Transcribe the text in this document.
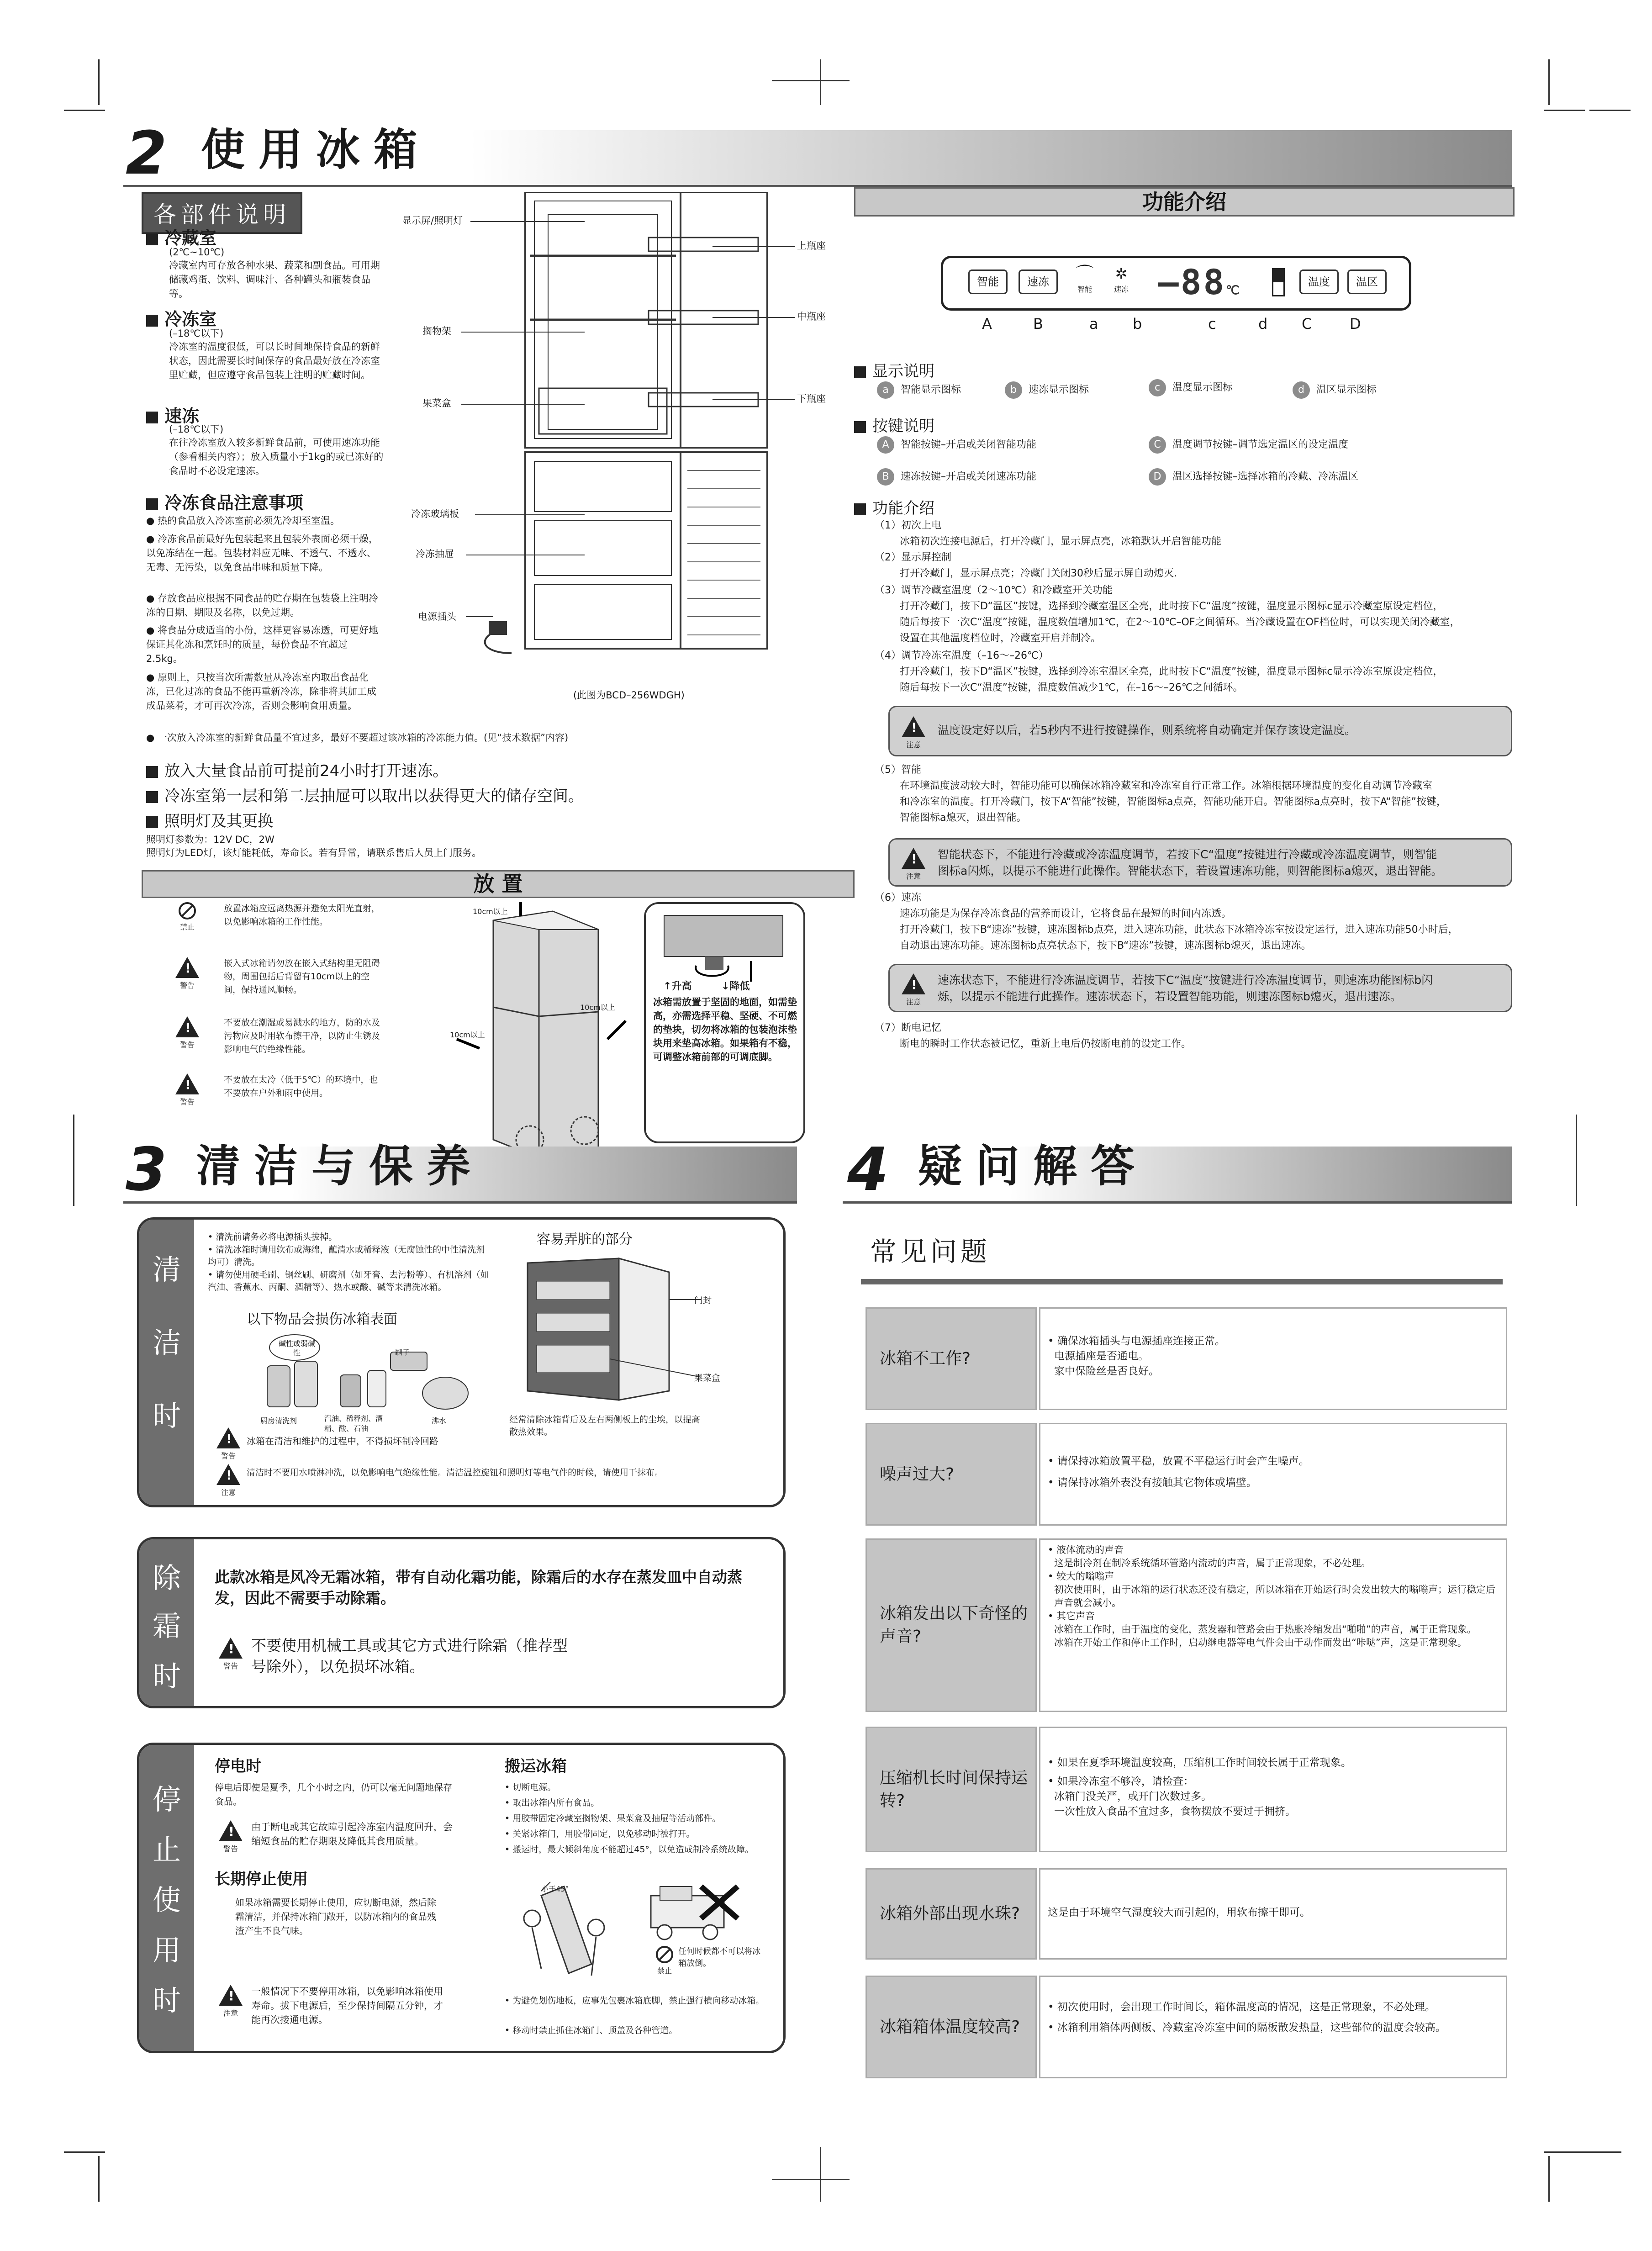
2 使用冰箱
各部件说明
冷藏室
(2℃~10℃)
冷藏室内可存放各种水果、蔬菜和副食品。可用期储藏鸡蛋、饮料、调味汁、各种罐头和瓶装食品等。
冷冻室
(–18℃以下)
冷冻室的温度很低，可以长时间地保持食品的新鲜状态，因此需要长时间保存的食品最好放在冷冻室里贮藏，但应遵守食品包装上注明的贮藏时间。
速冻
(–18℃以下)
在往冷冻室放入较多新鲜食品前，可使用速冻功能（参看相关内容）；放入质量小于1kg的或已冻好的食品时不必设定速冻。
冷冻食品注意事项
● 热的食品放入冷冻室前必须先冷却至室温。
● 冷冻食品前最好先包装起来且包装外表面必须干燥，以免冻结在一起。包装材料应无味、不透气、不透水、无毒、无污染，以免食品串味和质量下降。
● 存放食品应根据不同食品的贮存期在包装袋上注明冷冻的日期、期限及名称，以免过期。
● 将食品分成适当的小份，这样更容易冻透，可更好地保证其化冻和烹饪时的质量，每份食品不宜超过2.5kg。
● 原则上，只按当次所需数量从冷冻室内取出食品化冻，已化过冻的食品不能再重新冷冻，除非将其加工成成品菜肴，才可再次冷冻，否则会影响食用质量。
● 一次放入冷冻室的新鲜食品量不宜过多，最好不要超过该冰箱的冷冻能力值。(见“技术数据”内容)
显示屏/照明灯
搁物架
果菜盒
冷冻玻璃板
冷冻抽屉
电源插头
上瓶座
中瓶座
下瓶座
(此图为BCD–256WDGH)
放入大量食品前可提前24小时打开速冻。
冷冻室第一层和第二层抽屉可以取出以获得更大的储存空间。
照明灯及其更换
照明灯参数为：12V DC，2W
照明灯为LED灯，该灯能耗低，寿命长。若有异常，请联系售后人员上门服务。
放 置
禁止
放置冰箱应远离热源并避免太阳光直射，以免影响冰箱的工作性能。
!
警告
嵌入式冰箱请勿放在嵌入式结构里无阻碍物，周围包括后背留有10cm以上的空间，保持通风顺畅。
!
警告
不要放在潮湿或易溅水的地方，防的水及污物应及时用软布擦干净，以防止生锈及影响电气的绝缘性能。
!
警告
不要放在太冷（低于5℃）的环境中，也不要放在户外和雨中使用。
10cm以上
10cm以上
10cm以上
↑升高	↓降低
冰箱需放置于坚固的地面，如需垫高，亦需选择平稳、坚硬、不可燃的垫块，切勿将冰箱的包装泡沫垫块用来垫高冰箱。如果箱有不稳，可调整冰箱前部的可调底脚。
功能介绍
智能	速冻	⌒
智能
✲
速冻 –88℃
温度	温区
A	B	a b	c	d C	D
显示说明
a 智能显示图标	b 速冻显示图标	c 温度显示图标	d 温区显示图标
按键说明
A 智能按键–开启或关闭智能功能	C 温度调节按键–调节选定温区的设定温度
B 速冻按键–开启或关闭速冻功能	D 温区选择按键–选择冰箱的冷藏、冷冻温区
功能介绍
（1）初次上电
冰箱初次连接电源后，打开冷藏门，显示屏点亮，冰箱默认开启智能功能
（2）显示屏控制
打开冷藏门，显示屏点亮；冷藏门关闭30秒后显示屏自动熄灭.
（3）调节冷藏室温度（2～10℃）和冷藏室开关功能
打开冷藏门，按下D“温区”按键，选择到冷藏室温区全亮，此时按下C“温度”按键，温度显示图标c显示冷藏室原设定档位，
随后每按下一次C“温度”按键，温度数值增加1℃，在2～10℃–OF之间循环。当冷藏设置在OF档位时，可以实现关闭冷藏室，
设置在其他温度档位时，冷藏室开启并制冷。
（4）调节冷冻室温度（–16～–26℃）
打开冷藏门，按下D“温区”按键，选择到冷冻室温区全亮，此时按下C“温度”按键，温度显示图标c显示冷冻室原设定档位，
随后每按下一次C“温度”按键，温度数值减少1℃，在–16～–26℃之间循环。
!
注意
温度设定好以后，若5秒内不进行按键操作，则系统将自动确定并保存该设定温度。
（5）智能
在环境温度波动较大时，智能功能可以确保冰箱冷藏室和冷冻室自行正常工作。冰箱根据环境温度的变化自动调节冷藏室
和冷冻室的温度。打开冷藏门，按下A“智能”按键，智能图标a点亮，智能功能开启。智能图标a点亮时，按下A“智能”按键，
智能图标a熄灭，退出智能。
!
注意
智能状态下，不能进行冷藏或冷冻温度调节，若按下C“温度”按键进行冷藏或冷冻温度调节，则智能
图标a闪烁，以提示不能进行此操作。智能状态下，若设置速冻功能，则智能图标a熄灭，退出智能。
（6）速冻
速冻功能是为保存冷冻食品的营养而设计，它将食品在最短的时间内冻透。
打开冷藏门，按下B“速冻”按键，速冻图标b点亮，进入速冻功能，此状态下冰箱冷冻室按设定运行，进入速冻功能50小时后，
自动退出速冻功能。速冻图标b点亮状态下，按下B“速冻”按键，速冻图标b熄灭，退出速冻。
!
注意
速冻状态下，不能进行冷冻温度调节，若按下C“温度”按键进行冷冻温度调节，则速冻功能图标b闪
烁，以提示不能进行此操作。速冻状态下，若设置智能功能，则速冻图标b熄灭，退出速冻。
（7）断电记忆
断电的瞬时工作状态被记忆，重新上电后仍按断电前的设定工作。
3 清洁与保养	4 疑问解答
清
洁
时
• 清洗前请务必将电源插头拔掉。
• 清洗冰箱时请用软布或海绵，蘸清水或稀释液（无腐蚀性的中性清洗剂均可）清洗。
• 请勿使用硬毛刷、钢丝刷、研磨剂（如牙膏、去污粉等）、有机溶剂（如汽油、香蕉水、丙酮、酒精等）、热水或酸、碱等来清洗冰箱。
以下物品会损伤冰箱表面
碱性或弱碱性	刷子
厨房清洗剂	汽油、稀释剂、酒精、酸、石油
沸水
容易弄脏的部分
门封
果菜盒
经常清除冰箱背后及左右两侧板上的尘埃，以提高散热效果。
!
警告
冰箱在清洁和维护的过程中，不得损坏制冷回路
!
注意
清洁时不要用水喷淋冲洗，以免影响电气绝缘性能。清洁温控旋钮和照明灯等电气件的时候，请使用干抹布。
除
霜
时
此款冰箱是风冷无霜冰箱，带有自动化霜功能，除霜后的水存在蒸发皿中自动蒸发，因此不需要手动除霜。
!
警告
不要使用机械工具或其它方式进行除霜（推荐型号除外），以免损坏冰箱。
停
止
使
用
时
停电时
停电后即使是夏季，几个小时之内，仍可以毫无问题地保存食品。
!
警告
由于断电或其它故障引起冷冻室内温度回升，会缩短食品的贮存期限及降低其食用质量。
长期停止使用
如果冰箱需要长期停止使用，应切断电源，然后除霜清洁，并保持冰箱门敞开，以防冰箱内的食品残渣产生不良气味。
!
注意
一般情况下不要停用冰箱，以免影响冰箱使用寿命。拔下电源后，至少保持间隔五分钟，才能再次接通电源。
搬运冰箱
• 切断电源。
• 取出冰箱内所有食品。
• 用胶带固定冷藏室搁物架、果菜盒及抽屉等活动部件。
• 关紧冰箱门，用胶带固定，以免移动时被打开。
• 搬运时，最大倾斜角度不能超过45°，以免造成制冷系统故障。
小于45°
禁止
任何时候都不可以将冰箱放倒。
• 为避免划伤地板，应事先包裹冰箱底脚，禁止强行横向移动冰箱。
• 移动时禁止抓住冰箱门、顶盖及各种管道。
常见问题
冰箱不工作?
• 确保冰箱插头与电源插座连接正常。
电源插座是否通电。
家中保险丝是否良好。
噪声过大?
• 请保持冰箱放置平稳，放置不平稳运行时会产生噪声。
• 请保持冰箱外表没有接触其它物体或墙壁。
冰箱发出以下奇怪的声音?
• 液体流动的声音
这是制冷剂在制冷系统循环管路内流动的声音，属于正常现象，不必处理。
• 较大的嗡嗡声
初次使用时，由于冰箱的运行状态还没有稳定，所以冰箱在开始运行时会发出较大的嗡嗡声；运行稳定后声音就会减小。
• 其它声音
冰箱在工作时，由于温度的变化，蒸发器和管路会由于热胀冷缩发出“啪啪”的声音，属于正常现象。
冰箱在开始工作和停止工作时，启动继电器等电气件会由于动作而发出“咔哒”声，这是正常现象。
压缩机长时间保持运转?
• 如果在夏季环境温度较高，压缩机工作时间较长属于正常现象。
• 如果冷冻室不够冷，请检查：
冰箱门没关严，或开门次数过多。
一次性放入食品不宜过多，食物摆放不要过于拥挤。
冰箱外部出现水珠?	这是由于环境空气湿度较大而引起的，用软布擦干即可。
冰箱箱体温度较高?
• 初次使用时，会出现工作时间长，箱体温度高的情况，这是正常现象，不必处理。
• 冰箱利用箱体两侧板、冷藏室冷冻室中间的隔板散发热量，这些部位的温度会较高。
